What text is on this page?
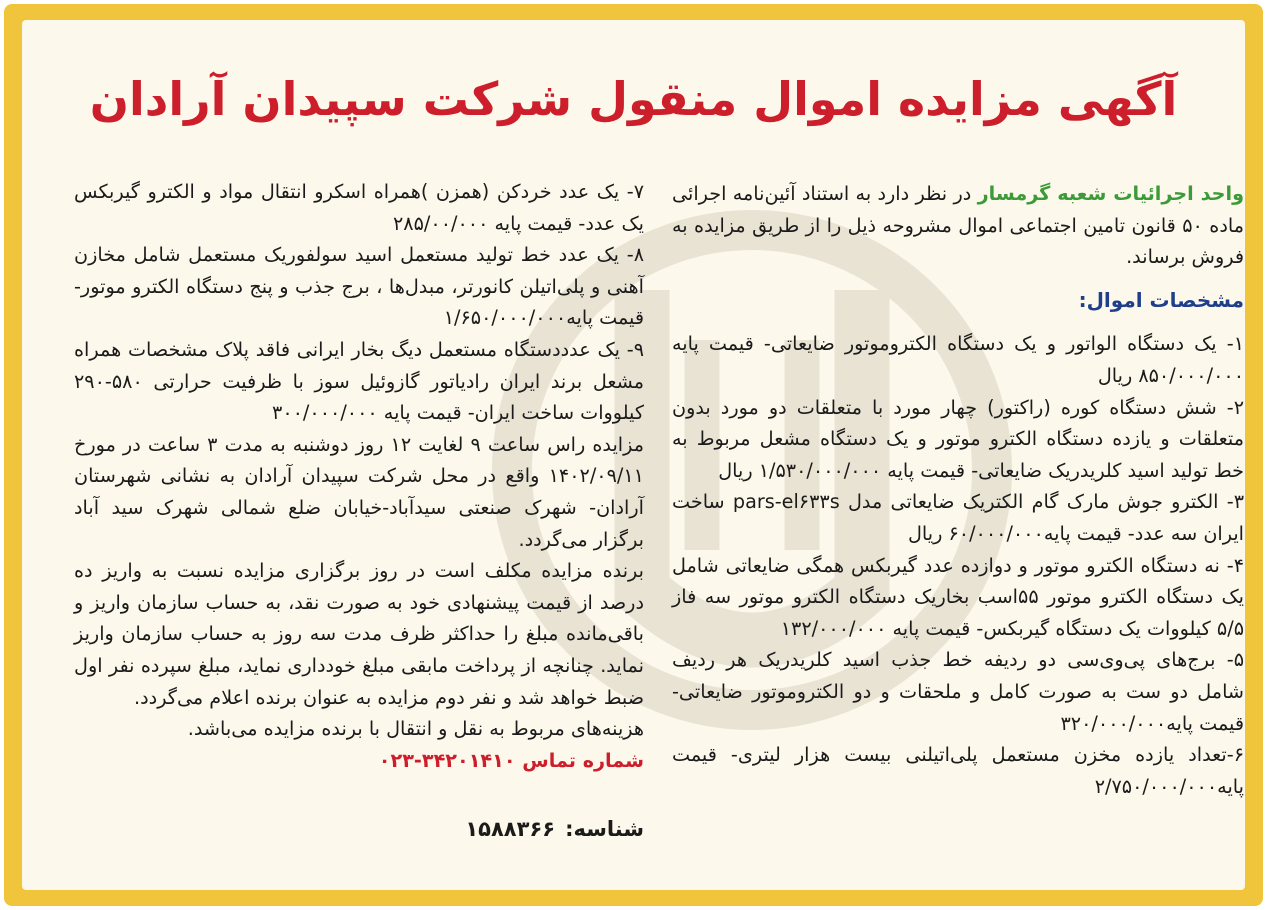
آگهی مزایده اموال منقول شرکت سپیدان آرادان

واحد اجرائیات شعبه گرمسار در نظر دارد به استناد آئین‌نامه اجرائی ماده ۵۰ قانون تامین اجتماعی اموال مشروحه ذیل را از طریق مزایده به فروش برساند.

مشخصات اموال:

۱- یک دستگاه الواتور و یک دستگاه الکتروموتور ضایعاتی- قیمت پایه ۸۵۰/۰۰۰/۰۰۰ ریال

۲- شش دستگاه کوره (راکتور) چهار مورد با متعلقات دو مورد بدون متعلقات و یازده دستگاه الکترو موتور و یک دستگاه مشعل مربوط به خط تولید اسید کلریدریک ضایعاتی- قیمت پایه ۱/۵۳۰/۰۰۰/۰۰۰ ریال

۳- الکترو جوش مارک گام الکتریک ضایعاتی مدل pars-el۶۳۳s ساخت ایران سه عدد- قیمت پایه۶۰/۰۰۰/۰۰۰ ریال

۴- نه دستگاه الکترو موتور و دوازده عدد گیربکس همگی ضایعاتی شامل یک دستگاه الکترو موتور ۵۵اسب بخاریک دستگاه الکترو موتور سه فاز ۵/۵ کیلووات یک دستگاه گیربکس- قیمت پایه ۱۳۲/۰۰۰/۰۰۰

۵- برج‌های پی‌وی‌سی دو ردیفه خط جذب اسید کلریدریک هر ردیف شامل دو ست به صورت کامل و ملحقات و دو الکتروموتور ضایعاتی- قیمت پایه۳۲۰/۰۰۰/۰۰۰

۶-تعداد یازده مخزن مستعمل پلی‌اتیلنی بیست هزار لیتری- قیمت پایه۲/۷۵۰/۰۰۰/۰۰۰

۷- یک عدد خردکن (همزن )همراه اسکرو انتقال مواد و الکترو گیربکس یک عدد- قیمت پایه ۲۸۵/۰۰/۰۰۰

۸- یک عدد خط تولید مستعمل اسید سولفوریک مستعمل شامل مخازن آهنی و پلی‌اتیلن کانورتر، مبدل‌ها ، برج جذب و پنج دستگاه الکترو موتور- قیمت پایه۱/۶۵۰/۰۰۰/۰۰۰

۹- یک عدددستگاه مستعمل دیگ بخار ایرانی فاقد پلاک مشخصات همراه مشعل برند ایران رادیاتور گازوئیل سوز با ظرفیت حرارتی ۵۸۰-۲۹۰ کیلووات ساخت ایران- قیمت پایه ۳۰۰/۰۰۰/۰۰۰

مزایده راس ساعت ۹ لغایت ۱۲ روز دوشنبه به مدت ۳ ساعت در مورخ ۱۴۰۲/۰۹/۱۱ واقع در محل شرکت سپیدان آرادان به نشانی شهرستان آرادان- شهرک صنعتی سیدآباد-خیابان ضلع شمالی شهرک سید آباد برگزار می‌گردد.

برنده مزایده مکلف است در روز برگزاری مزایده نسبت به واریز ده درصد از قیمت پیشنهادی خود به صورت نقد، به حساب سازمان واریز و باقی‌مانده مبلغ را حداکثر ظرف مدت سه روز به حساب سازمان واریز نماید. چنانچه از پرداخت مابقی مبلغ خودداری نماید، مبلغ سپرده نفر اول ضبط خواهد شد و نفر دوم مزایده به عنوان برنده اعلام می‌گردد.

هزینه‌های مربوط به نقل و انتقال با برنده مزایده می‌باشد.

شماره تماس ۳۴۲۰۱۴۱۰-۰۲۳

شناسه:۱۵۸۸۳۶۶
